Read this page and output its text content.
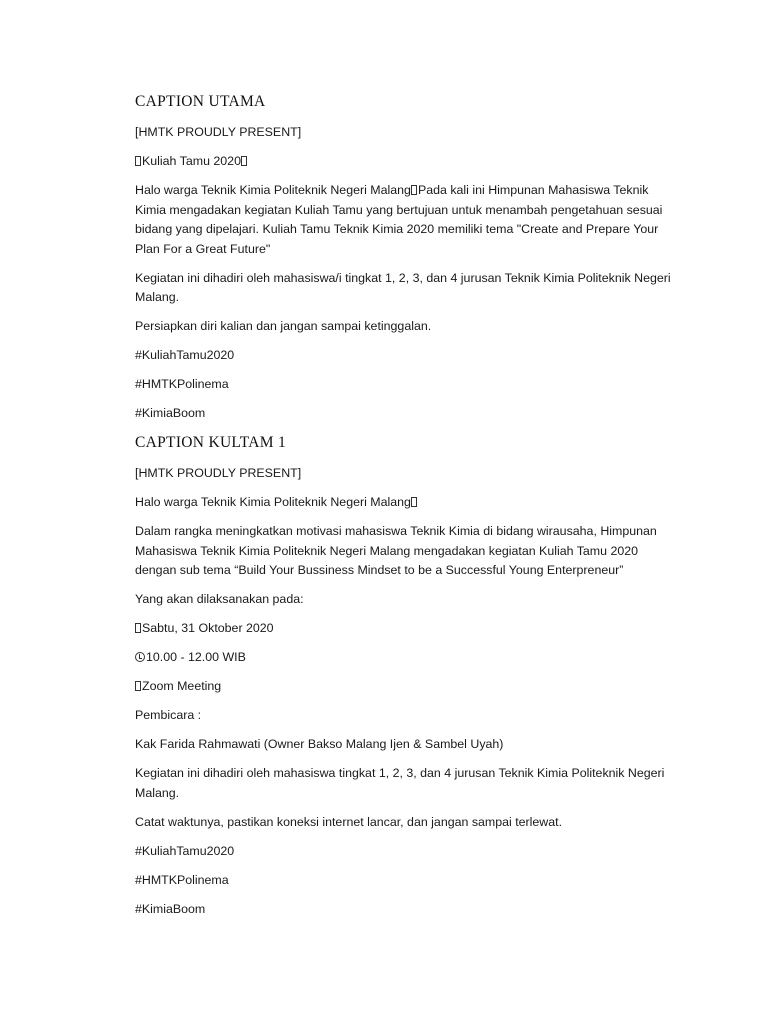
CAPTION UTAMA
[HMTK PROUDLY PRESENT]
Kuliah Tamu 2020
Halo warga Teknik Kimia Politeknik Negeri Malang Pada kali ini Himpunan Mahasiswa Teknik Kimia mengadakan kegiatan Kuliah Tamu yang bertujuan untuk menambah pengetahuan sesuai bidang yang dipelajari. Kuliah Tamu Teknik Kimia 2020 memiliki tema "Create and Prepare Your Plan For a Great Future"
Kegiatan ini dihadiri oleh mahasiswa/i tingkat 1, 2, 3, dan 4 jurusan Teknik Kimia Politeknik Negeri Malang.
Persiapkan diri kalian dan jangan sampai ketinggalan.
#KuliahTamu2020
#HMTKPolinema
#KimiaBoom
CAPTION KULTAM 1
[HMTK PROUDLY PRESENT]
Halo warga Teknik Kimia Politeknik Negeri Malang
Dalam rangka meningkatkan motivasi mahasiswa Teknik Kimia di bidang wirausaha, Himpunan Mahasiswa Teknik Kimia Politeknik Negeri Malang mengadakan kegiatan Kuliah Tamu 2020 dengan sub tema “Build Your Bussiness Mindset to be a Successful Young Enterpreneur”
Yang akan dilaksanakan pada:
Sabtu, 31 Oktober 2020
10.00 - 12.00 WIB
Zoom Meeting
Pembicara :
Kak Farida Rahmawati (Owner Bakso Malang Ijen & Sambel Uyah)
Kegiatan ini dihadiri oleh mahasiswa tingkat 1, 2, 3, dan 4 jurusan Teknik Kimia Politeknik Negeri Malang.
Catat waktunya, pastikan koneksi internet lancar, dan jangan sampai terlewat.
#KuliahTamu2020
#HMTKPolinema
#KimiaBoom
